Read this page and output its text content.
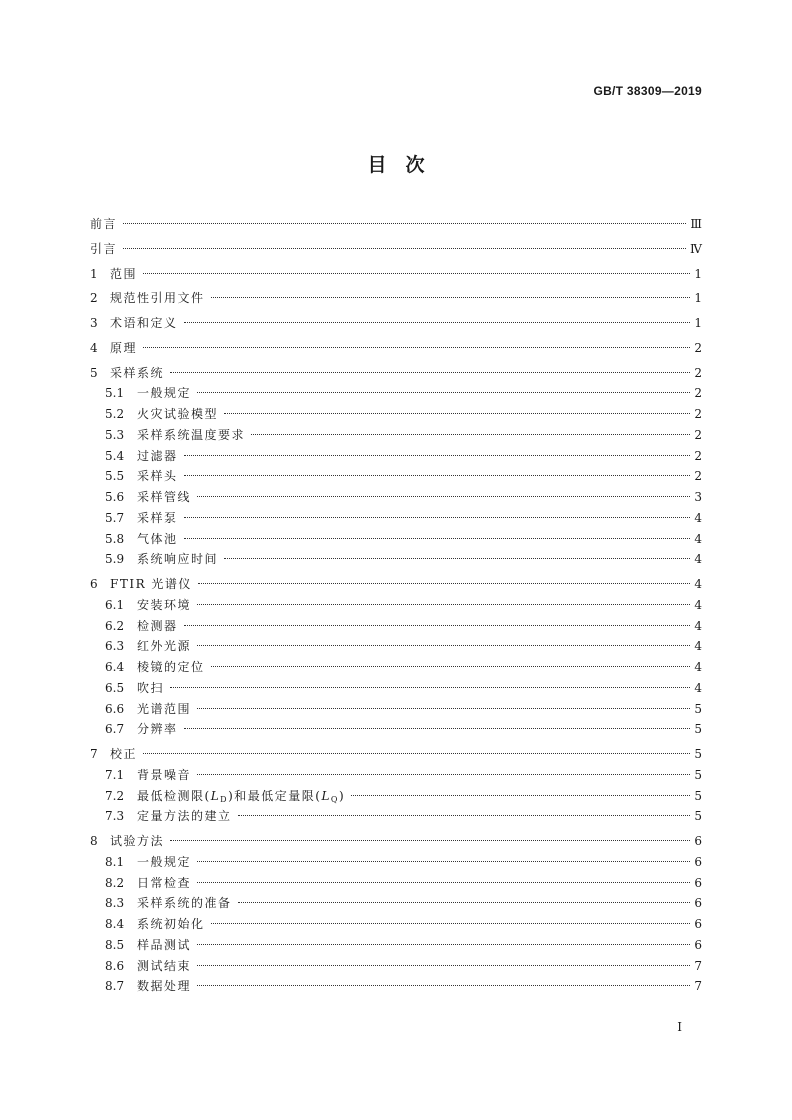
GB/T 38309—2019
目　次
前言	Ⅲ
引言	Ⅳ
1	范围	1
2	规范性引用文件	1
3	术语和定义	1
4	原理	2
5	采样系统	2
5.1	一般规定	2
5.2	火灾试验模型	2
5.3	采样系统温度要求	2
5.4	过滤器	2
5.5	采样头	2
5.6	采样管线	3
5.7	采样泵	4
5.8	气体池	4
5.9	系统响应时间	4
6	FTIR 光谱仪	4
6.1	安装环境	4
6.2	检测器	4
6.3	红外光源	4
6.4	棱镜的定位	4
6.5	吹扫	4
6.6	光谱范围	5
6.7	分辨率	5
7	校正	5
7.1	背景噪音	5
7.2	最低检测限(LD)和最低定量限(LQ)	5
7.3	定量方法的建立	5
8	试验方法	6
8.1	一般规定	6
8.2	日常检查	6
8.3	采样系统的准备	6
8.4	系统初始化	6
8.5	样品测试	6
8.6	测试结束	7
8.7	数据处理	7
Ⅰ
